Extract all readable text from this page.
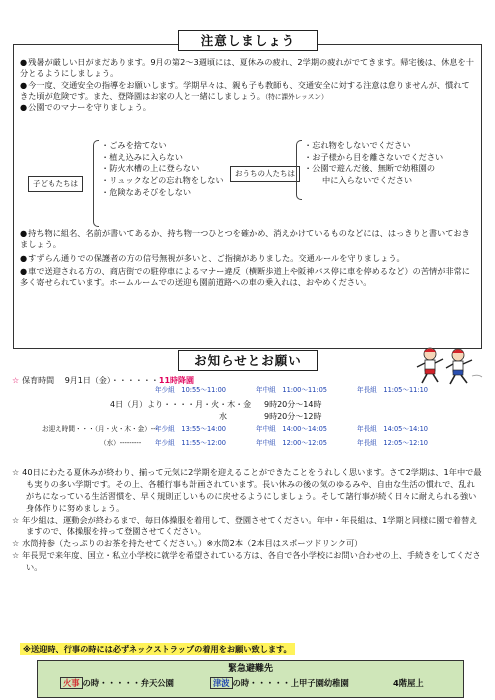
注意しましょう

● 残暑が厳しい日がまだあります。9月の第2～3週頃には、夏休みの疲れ、2学期の疲れがでてきます。帰宅後は、休息を十分とるようにしましょう。

● 今一度、交通安全の指導をお願いします。学期早々は、親も子も教師も、交通安全に対する注意は怠りませんが、慣れてきた頃が危険です。また、登降園はお家の人と一緒にしましょう。（特に課外レッスン）

● 公園でのマナーを守りましょう。

子どもたちは
・ごみを捨てない
・植え込みに入らない
・防火水槽の上に登らない
・リュックなどの忘れ物をしない
・危険なあそびをしない
おうちの人たちは
・忘れ物をしないでください
・お子様から目を離さないでください
・公園で遊んだ後、無断で幼稚園の
中に入らないでください

● 持ち物に組名、名前が書いてあるか、持ち物一つひとつを確かめ、消えかけているものなどには、はっきりと書いておきましょう。

● すずらん通りでの保護者の方の信号無視が多いと、ご指摘がありました。交通ルールを守りましょう。

● 車で送迎される方の、商店街での駐停車によるマナー違反（横断歩道上や阪神バス停に車を停めるなど）の苦情が非常に多く寄せられています。ホームルームでの送迎も園前道路への車の乗入れは、おやめください。

お知らせとお願い
☆ 保育時間 9月1日（金）・・・・・・11時降園
年少組　 10:55～11:00	年中組　 11:00～11:05	年長組　 11:05～11:10
4日（月）より・・・・月・火・木・金 9時20分～14時
水	9時20分～12時
お迎え時間・・・（月・火・木・金）---
年少組　 13:55～14:00	年中組　 14:00～14:05	年長組　 14:05～14:10
（水）--------- 年少組　 11:55～12:00	年中組　 12:00～12:05	年長組　 12:05～12:10

☆ 40日にわたる夏休みが終わり、揃って元気に2学期を迎えることができたことをうれしく思います。さて2学期は、1年中で最も実りの多い学期です。その上、各種行事も計画されています。長い休みの後の気のゆるみや、自由な生活の慣れで、乱れがちになっている生活習慣を、早く規則正しいものに戻せるようにしましょう。そして諸行事が続く日々に耐えられる強い身体作りに努めましょう。

☆ 年少組は、運動会が終わるまで、毎日体操服を着用して、登園させてください。年中・年長組は、1学期と同様に園で着替えますので、体操服を持って登園させてください。

☆ 水筒持参（たっぷりのお茶を持たせてください。）※水筒2本（2本目はスポーツドリンク可）

☆ 年長児で来年度、国立・私立小学校に就学を希望されている方は、各自で各小学校にお問い合わせの上、手続きをしてください。

※送迎時、行事の時には必ずネックストラップの着用をお願い致します。
緊急避難先
火事 の時・・・・・弁天公園	津波 の時・・・・・上甲子園幼稚園	4階屋上
